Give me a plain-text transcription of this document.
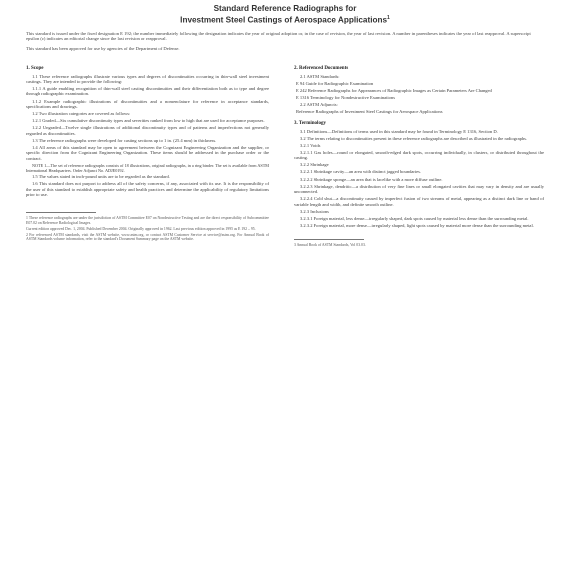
Standard Reference Radiographs for
Investment Steel Castings of Aerospace Applications$^1$

This standard is issued under the fixed designation E 192; the number immediately following the designation indicates the year of original adoption or, in the case of revision, the year of last revision. A number in parentheses indicates the year of last reapproval. A superscript epsilon (ε) indicates an editorial change since the last revision or reapproval.

This standard has been approved for use by agencies of the Department of Defense.

1. Scope
1.1 These reference radiographs illustrate various types and degrees of discontinuities occurring in thin-wall steel investment castings. They are intended to provide the following:
1.1.1 A guide enabling recognition of thin-wall steel casting discontinuities and their differentiation both as to type and degree through radiographic examination.
1.1.2 Example radiographic illustrations of discontinuities and a nomenclature for reference in acceptance standards, specifications and drawings.
1.2 Two illustration categories are covered as follows:
1.2.1 Graded—Six cumulative discontinuity types and severities ranked from low to high that are used for acceptance purposes.
1.2.2 Ungraded—Twelve single illustrations of additional discontinuity types and of patterns and imperfections not generally regarded as discontinuities.
1.3 The reference radiographs were developed for casting sections up to 1 in. (25.4 mm) in thickness.
1.4 All areas of this standard may be open to agreement between the Cognizant Engineering Organization and the supplier, or specific direction from the Cognizant Engineering Organization. These items should be addressed in the purchase order or the contract.
NOTE 1—The set of reference radiographs consists of 18 illustrations, original radiographs, in a ring binder. The set is available from ASTM International Headquarters. Order Adjunct No. ADJE0192.
1.5 The values stated in inch-pound units are to be regarded as the standard.
1.6 This standard does not purport to address all of the safety concerns, if any, associated with its use. It is the responsibility of the user of this standard to establish appropriate safety and health practices and determine the applicability of regulatory limitations prior to use.
1 These reference radiographs are under the jurisdiction of ASTM Committee E07 on Nondestructive Testing and are the direct responsibility of Subcommittee E07.02 on Reference Radiological Images.
Current edition approved Dec. 1, 2004. Published December 2004. Originally approved in 1962. Last previous edition approved in 1995 as E 192 – 95.
2 For referenced ASTM standards, visit the ASTM website, www.astm.org, or contact ASTM Customer Service at service@astm.org. For Annual Book of ASTM Standards volume information, refer to the standard's Document Summary page on the ASTM website.
2. Referenced Documents
2.1 ASTM Standards:
E 94 Guide for Radiographic Examination
E 242 Reference Radiographs for Appearances of Radiographic Images as Certain Parameters Are Changed
E 1316 Terminology for Nondestructive Examinations
2.2 ASTM Adjuncts:
Reference Radiographs of Investment Steel Castings for Aerospace Applications
3. Terminology
3.1 Definitions—Definitions of terms used in this standard may be found in Terminology E 1316, Section D.
3.2 The terms relating to discontinuities present in these reference radiographs are described as illustrated in the radiographs.
3.2.1 Voids
3.2.1.1 Gas holes—round or elongated, smooth-edged dark spots, occurring individually, in clusters, or distributed throughout the casting.
3.2.2 Shrinkage
3.2.2.1 Shrinkage cavity—an area with distinct jagged boundaries.
3.2.2.2 Shrinkage sponge—an area that is lacelike with a more diffuse outline.
3.2.2.3 Shrinkage, dendritic—a distribution of very fine lines or small elongated cavities that may vary in density and are usually unconnected.
3.2.2.4 Cold shut—a discontinuity caused by imperfect fusion of two streams of metal, appearing as a distinct dark line or band of variable length and width, and definite smooth outline.
3.2.3 Inclusions
3.2.3.1 Foreign material, less dense—irregularly shaped, dark spots caused by material less dense than the surrounding metal.
3.2.3.2 Foreign material, more dense—irregularly shaped, light spots caused by material more dense than the surrounding metal.
3 Annual Book of ASTM Standards, Vol 03.03.
